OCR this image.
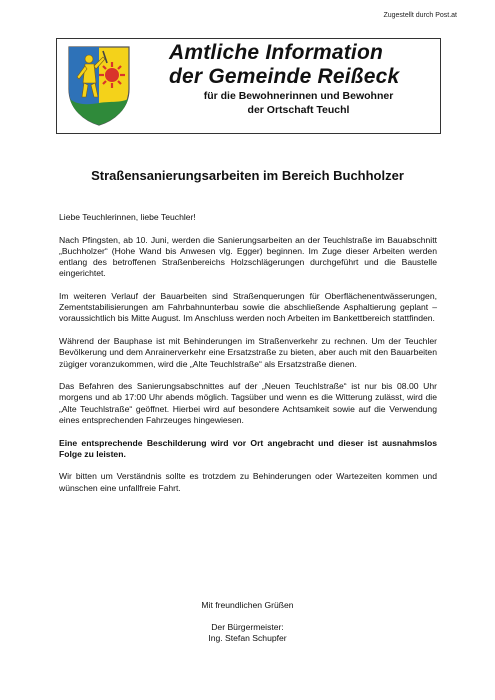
Zugestellt durch Post.at
Amtliche Information
der Gemeinde Reißeck
für die Bewohnerinnen und Bewohner
der Ortschaft Teuchl
Straßensanierungsarbeiten im Bereich Buchholzer

Liebe Teuchlerinnen, liebe Teuchler!

Nach Pfingsten, ab 10. Juni, werden die Sanierungsarbeiten an der Teuchlstraße im Bauabschnitt „Buchholzer“ (Hohe Wand bis Anwesen vlg. Egger) beginnen. Im Zuge dieser Arbeiten werden entlang des betroffenen Straßenbereichs Holzschlägerungen durchgeführt und die Baustelle eingerichtet.

Im weiteren Verlauf der Bauarbeiten sind Straßenquerungen für Oberflächenentwässerungen, Zementstabilisierungen am Fahrbahnunterbau sowie die abschließende Asphaltierung geplant – voraussichtlich bis Mitte August. Im Anschluss werden noch Arbeiten im Bankettbereich stattfinden.

Während der Bauphase ist mit Behinderungen im Straßenverkehr zu rechnen. Um der Teuchler Bevölkerung und dem Anrainerverkehr eine Ersatzstraße zu bieten, aber auch mit den Bauarbeiten zügiger voranzukommen, wird die „Alte Teuchlstraße“ als Ersatzstraße dienen.

Das Befahren des Sanierungsabschnittes auf der „Neuen Teuchlstraße“ ist nur bis 08.00 Uhr morgens und ab 17:00 Uhr abends möglich. Tagsüber und wenn es die Witterung zulässt, wird die „Alte Teuchlstraße“ geöffnet. Hierbei wird auf besondere Achtsamkeit sowie auf die Verwendung eines entsprechenden Fahrzeuges hingewiesen.

Eine entsprechende Beschilderung wird vor Ort angebracht und dieser ist ausnahmslos Folge zu leisten.

Wir bitten um Verständnis sollte es trotzdem zu Behinderungen oder Wartezeiten kommen und wünschen eine unfallfreie Fahrt.

Mit freundlichen Grüßen
Der Bürgermeister:
Ing. Stefan Schupfer
